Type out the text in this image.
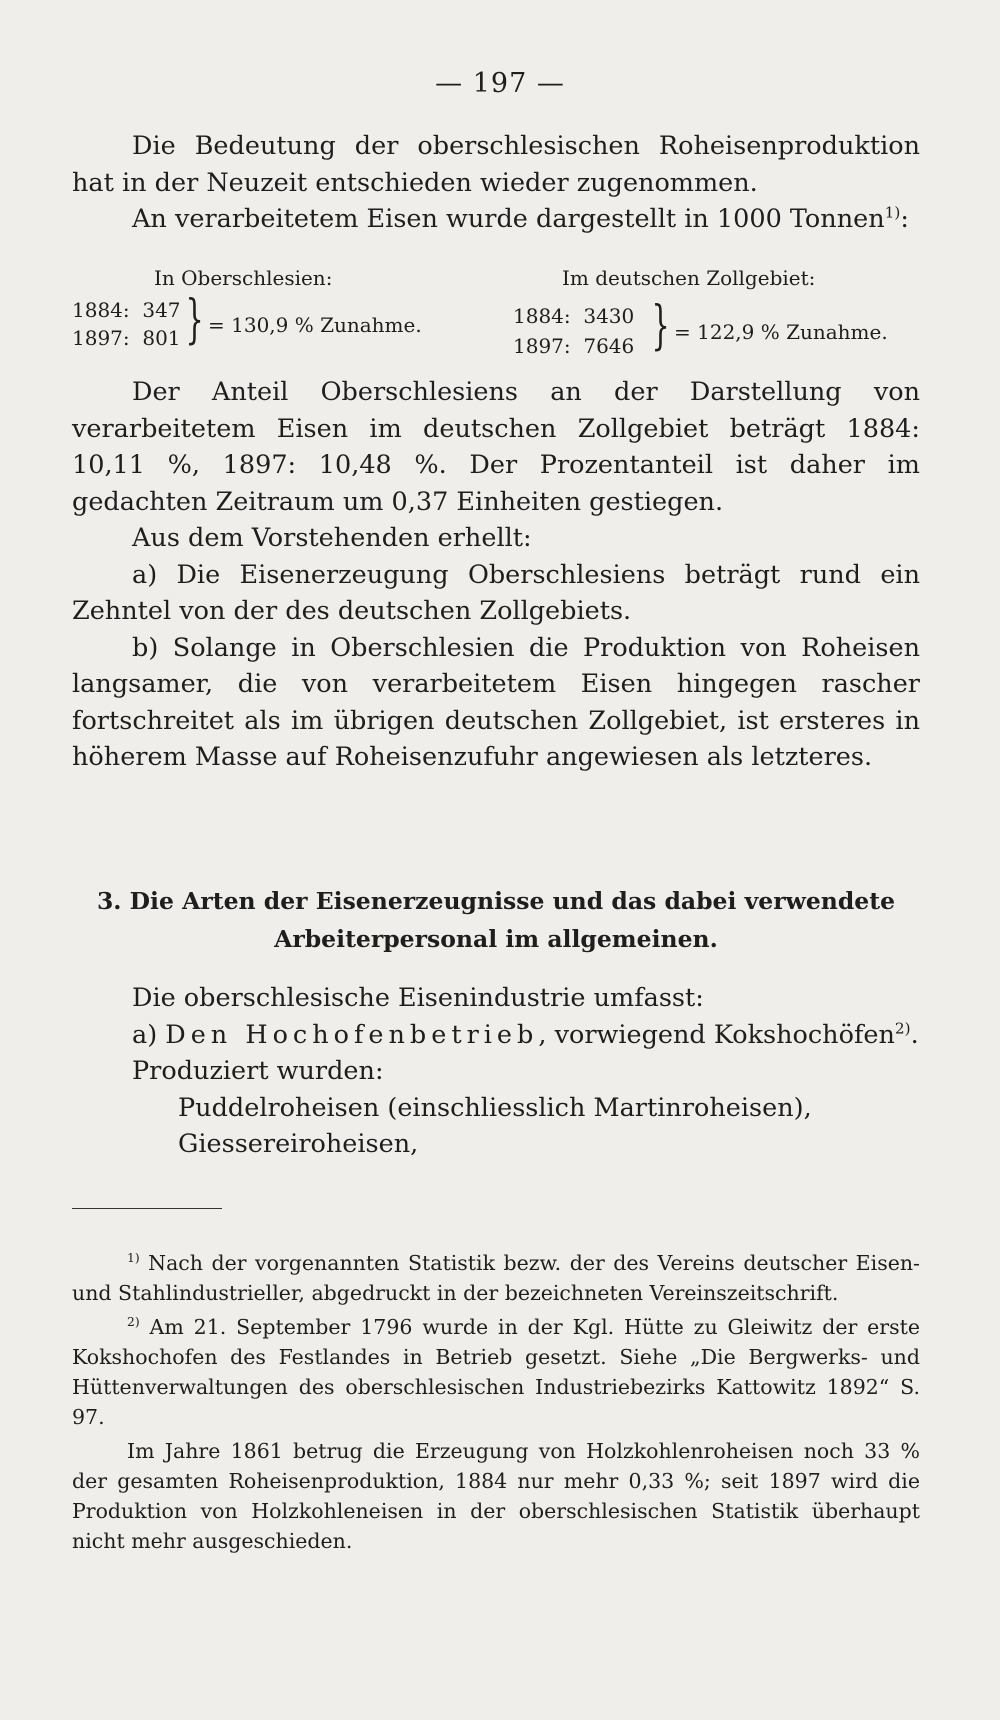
— 197 —

Die Bedeutung der oberschlesischen Roheisenproduktion hat in der Neuzeit entschieden wieder zugenommen.

An verarbeitetem Eisen wurde dargestellt in 1000 Tonnen$^{1)}$:

In Oberschlesien:	Im deutschen Zollgebiet:
1884:  347
1897:  801 } = 130,9 % Zunahme.	1884:  3430
1897:  7646 } = 122,9 % Zunahme.

Der Anteil Oberschlesiens an der Darstellung von verarbeitetem Eisen im deutschen Zollgebiet beträgt 1884: 10,11 %, 1897: 10,48 %. Der Prozentanteil ist daher im gedachten Zeitraum um 0,37 Einheiten gestiegen.

Aus dem Vorstehenden erhellt:

a) Die Eisenerzeugung Oberschlesiens beträgt rund ein Zehntel von der des deutschen Zollgebiets.

b) Solange in Oberschlesien die Produktion von Roheisen langsamer, die von verarbeitetem Eisen hingegen rascher fortschreitet als im übrigen deutschen Zollgebiet, ist ersteres in höherem Masse auf Roheisenzufuhr angewiesen als letzteres.

3. Die Arten der Eisenerzeugnisse und das dabei verwendete
Arbeiterpersonal im allgemeinen.

Die oberschlesische Eisenindustrie umfasst:

a) Den Hochofenbetrieb, vorwiegend Kokshochöfen$^{2)}$.

Produziert wurden:

Puddelroheisen (einschliesslich Martinroheisen),

Giessereiroheisen,

$^{1)}$ Nach der vorgenannten Statistik bezw. der des Vereins deutscher Eisen- und Stahlindustrieller, abgedruckt in der bezeichneten Vereinszeitschrift.

$^{2)}$ Am 21. September 1796 wurde in der Kgl. Hütte zu Gleiwitz der erste Kokshochofen des Festlandes in Betrieb gesetzt. Siehe „Die Bergwerks- und Hüttenverwaltungen des oberschlesischen Industriebezirks Kattowitz 1892“ S. 97.

Im Jahre 1861 betrug die Erzeugung von Holzkohlenroheisen noch 33 % der gesamten Roheisenproduktion, 1884 nur mehr 0,33 %; seit 1897 wird die Produktion von Holzkohleneisen in der oberschlesischen Statistik überhaupt nicht mehr ausgeschieden.
